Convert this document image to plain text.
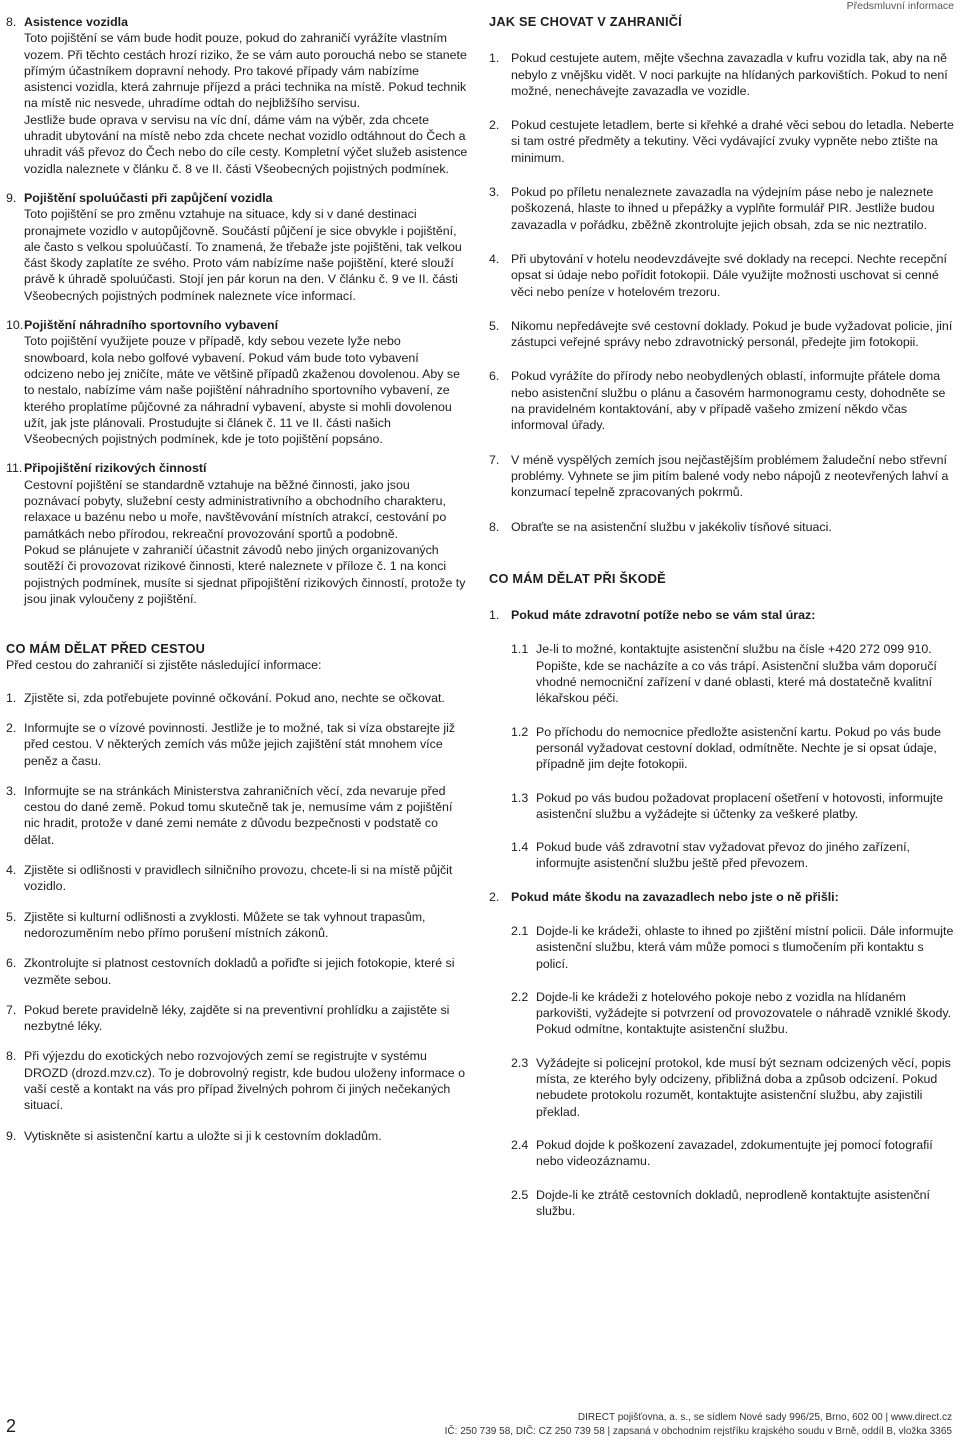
Předsmluvní informace
8. Asistence vozidla

Toto pojištění se vám bude hodit pouze, pokud do zahraničí vyrážíte vlastním vozem. Při těchto cestách hrozí riziko, že se vám auto porouchá nebo se stanete přímým účastníkem dopravní nehody. Pro takové případy vám nabízíme asistenci vozidla, která zahrnuje příjezd a práci technika na místě. Pokud technik na místě nic nesvede, uhradíme odtah do nejbližšího servisu.

Jestliže bude oprava v servisu na víc dní, dáme vám na výběr, zda chcete uhradit ubytování na místě nebo zda chcete nechat vozidlo odtáhnout do Čech a uhradit váš převoz do Čech nebo do cíle cesty. Kompletní výčet služeb asistence vozidla naleznete v článku č. 8 ve II. části Všeobecných pojistných podmínek.

9. Pojištění spoluúčasti při zapůjčení vozidla

Toto pojištění se pro změnu vztahuje na situace, kdy si v dané destinaci pronajmete vozidlo v autopůjčovně. Součástí půjčení je sice obvykle i pojištění, ale často s velkou spoluúčastí. To znamená, že třebaže jste pojištěni, tak velkou část škody zaplatíte ze svého. Proto vám nabízíme naše pojištění, které slouží právě k úhradě spoluúčasti. Stojí jen pár korun na den. V článku č. 9 ve II. části Všeobecných pojistných podmínek naleznete více informací.

10. Pojištění náhradního sportovního vybavení

Toto pojištění využijete pouze v případě, kdy sebou vezete lyže nebo snowboard, kola nebo golfové vybavení. Pokud vám bude toto vybavení odcizeno nebo jej zničíte, máte ve většině případů zkaženou dovolenou. Aby se to nestalo, nabízíme vám naše pojištění náhradního sportovního vybavení, ze kterého proplatíme půjčovné za náhradní vybavení, abyste si mohli dovolenou užít, jak jste plánovali. Prostudujte si článek č. 11 ve II. části našich Všeobecných pojistných podmínek, kde je toto pojištění popsáno.

11. Připojištění rizikových činností

Cestovní pojištění se standardně vztahuje na běžné činnosti, jako jsou poznávací pobyty, služební cesty administrativního a obchodního charakteru, relaxace u bazénu nebo u moře, navštěvování místních atrakcí, cestování po památkách nebo přírodou, rekreační provozování sportů a podobně.

Pokud se plánujete v zahraničí účastnit závodů nebo jiných organizovaných soutěží či provozovat rizikové činnosti, které naleznete v příloze č. 1 na konci pojistných podmínek, musíte si sjednat připojištění rizikových činností, protože ty jsou jinak vyloučeny z pojištění.

CO MÁM DĚLAT PŘED CESTOU
Před cestou do zahraničí si zjistěte následující informace:
1. Zjistěte si, zda potřebujete povinné očkování. Pokud ano, nechte se očkovat.
2. Informujte se o vízové povinnosti. Jestliže je to možné, tak si víza obstarejte již před cestou. V některých zemích vás může jejich zajištění stát mnohem více peněz a času.
3. Informujte se na stránkách Ministerstva zahraničních věcí, zda nevaruje před cestou do dané země. Pokud tomu skutečně tak je, nemusíme vám z pojištění nic hradit, protože v dané zemi nemáte z důvodu bezpečnosti v podstatě co dělat.
4. Zjistěte si odlišnosti v pravidlech silničního provozu, chcete-li si na místě půjčit vozidlo.
5. Zjistěte si kulturní odlišnosti a zvyklosti. Můžete se tak vyhnout trapasům, nedorozuměním nebo přímo porušení místních zákonů.
6. Zkontrolujte si platnost cestovních dokladů a pořiďte si jejich fotokopie, které si vezměte sebou.
7. Pokud berete pravidelně léky, zajděte si na preventivní prohlídku a zajistěte si nezbytné léky.
8. Při výjezdu do exotických nebo rozvojových zemí se registrujte v systému DROZD (drozd.mzv.cz). To je dobrovolný registr, kde budou uloženy informace o vaší cestě a kontakt na vás pro případ živelných pohrom či jiných nečekaných situací.
9. Vytiskněte si asistenční kartu a uložte si ji k cestovním dokladům.
JAK SE CHOVAT V ZAHRANIČÍ
1. Pokud cestujete autem, mějte všechna zavazadla v kufru vozidla tak, aby na ně nebylo z vnějšku vidět. V noci parkujte na hlídaných parkovištích. Pokud to není možné, nenechávejte zavazadla ve vozidle.
2. Pokud cestujete letadlem, berte si křehké a drahé věci sebou do letadla. Neberte si tam ostré předměty a tekutiny. Věci vydávající zvuky vypněte nebo ztište na minimum.
3. Pokud po příletu nenaleznete zavazadla na výdejním páse nebo je naleznete poškozená, hlaste to ihned u přepážky a vyplňte formulář PIR. Jestliže budou zavazadla v pořádku, zběžně zkontrolujte jejich obsah, zda se nic neztratilo.
4. Při ubytování v hotelu neodevzdávejte své doklady na recepci. Nechte recepční opsat si údaje nebo pořídit fotokopii. Dále využijte možnosti uschovat si cenné věci nebo peníze v hotelovém trezoru.
5. Nikomu nepředávejte své cestovní doklady. Pokud je bude vyžadovat policie, jiní zástupci veřejné správy nebo zdravotnický personál, předejte jim fotokopii.
6. Pokud vyrážíte do přírody nebo neobydlených oblastí, informujte přátele doma nebo asistenční službu o plánu a časovém harmonogramu cesty, dohodněte se na pravidelném kontaktování, aby v případě vašeho zmizení někdo včas informoval úřady.
7. V méně vyspělých zemích jsou nejčastějším problémem žaludeční nebo střevní problémy. Vyhnete se jim pitím balené vody nebo nápojů z neotevřených lahví a konzumací tepelně zpracovaných pokrmů.
8. Obraťte se na asistenční službu v jakékoliv tísňové situaci.
CO MÁM DĚLAT PŘI ŠKODĚ
1. Pokud máte zdravotní potíže nebo se vám stal úraz:
1.1 Je-li to možné, kontaktujte asistenční službu na čísle +420 272 099 910. Popište, kde se nacházíte a co vás trápí. Asistenční služba vám doporučí vhodné nemocniční zařízení v dané oblasti, které má dostatečně kvalitní lékařskou péči.
1.2 Po příchodu do nemocnice předložte asistenční kartu. Pokud po vás bude personál vyžadovat cestovní doklad, odmítněte. Nechte je si opsat údaje, případně jim dejte fotokopii.
1.3 Pokud po vás budou požadovat proplacení ošetření v hotovosti, informujte asistenční službu a vyžádejte si účtenky za veškeré platby.
1.4 Pokud bude váš zdravotní stav vyžadovat převoz do jiného zařízení, informujte asistenční službu ještě před převozem.
2. Pokud máte škodu na zavazadlech nebo jste o ně přišli:
2.1 Dojde-li ke krádeži, ohlaste to ihned po zjištění místní policii. Dále informujte asistenční službu, která vám může pomoci s tlumočením při kontaktu s policí.
2.2 Dojde-li ke krádeži z hotelového pokoje nebo z vozidla na hlídaném parkovišti, vyžádejte si potvrzení od provozovatele o náhradě vzniklé škody. Pokud odmítne, kontaktujte asistenční službu.
2.3 Vyžádejte si policejní protokol, kde musí být seznam odcizených věcí, popis místa, ze kterého byly odcizeny, přibližná doba a způsob odcizení. Pokud nebudete protokolu rozumět, kontaktujte asistenční službu, aby zajistili překlad.
2.4 Pokud dojde k poškození zavazadel, zdokumentujte jej pomocí fotografií nebo videozáznamu.
2.5 Dojde-li ke ztrátě cestovních dokladů, neprodleně kontaktujte asistenční službu.
2	DIRECT pojišťovna, a. s., se sídlem Nové sady 996/25, Brno, 602 00 | www.direct.cz
IČ: 250 739 58, DIČ: CZ 250 739 58 | zapsaná v obchodním rejstříku krajského soudu v Brně, oddíl B, vložka 3365
